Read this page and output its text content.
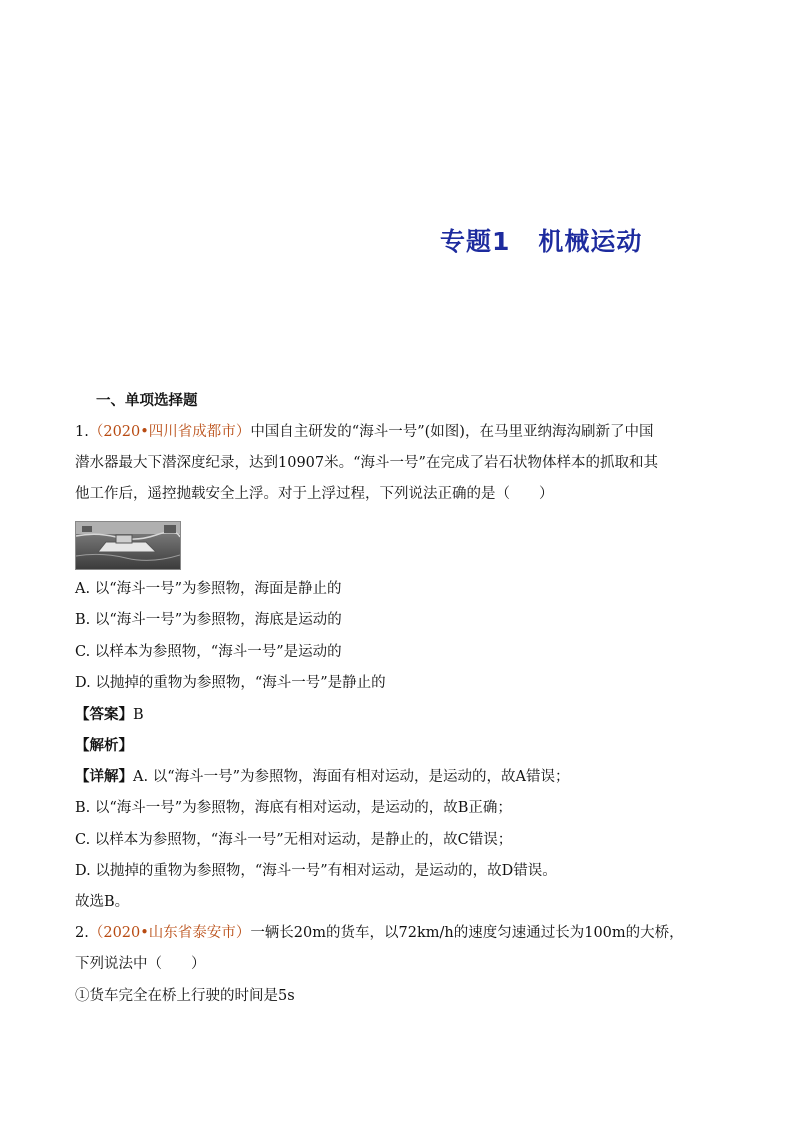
专题1 机械运动
一、单项选择题
1.（2020•四川省成都市）中国自主研发的“海斗一号”(如图)，在马里亚纳海沟刷新了中国
潜水器最大下潜深度纪录，达到10907米。“海斗一号”在完成了岩石状物体样本的抓取和其
他工作后，遥控抛载安全上浮。对于上浮过程，下列说法正确的是（　　）
A. 以“海斗一号”为参照物，海面是静止的
B. 以“海斗一号”为参照物，海底是运动的
C. 以样本为参照物，“海斗一号”是运动的
D. 以抛掉的重物为参照物，“海斗一号”是静止的
【答案】B
【解析】
【详解】A. 以“海斗一号”为参照物，海面有相对运动，是运动的，故A错误；
B. 以“海斗一号”为参照物，海底有相对运动，是运动的，故B正确；
C. 以样本为参照物，“海斗一号”无相对运动，是静止的，故C错误；
D. 以抛掉的重物为参照物，“海斗一号”有相对运动，是运动的，故D错误。
故选B。
2.（2020•山东省泰安市）一辆长20m的货车，以72km/h的速度匀速通过长为100m的大桥，
下列说法中（　　）
①货车完全在桥上行驶的时间是5s
